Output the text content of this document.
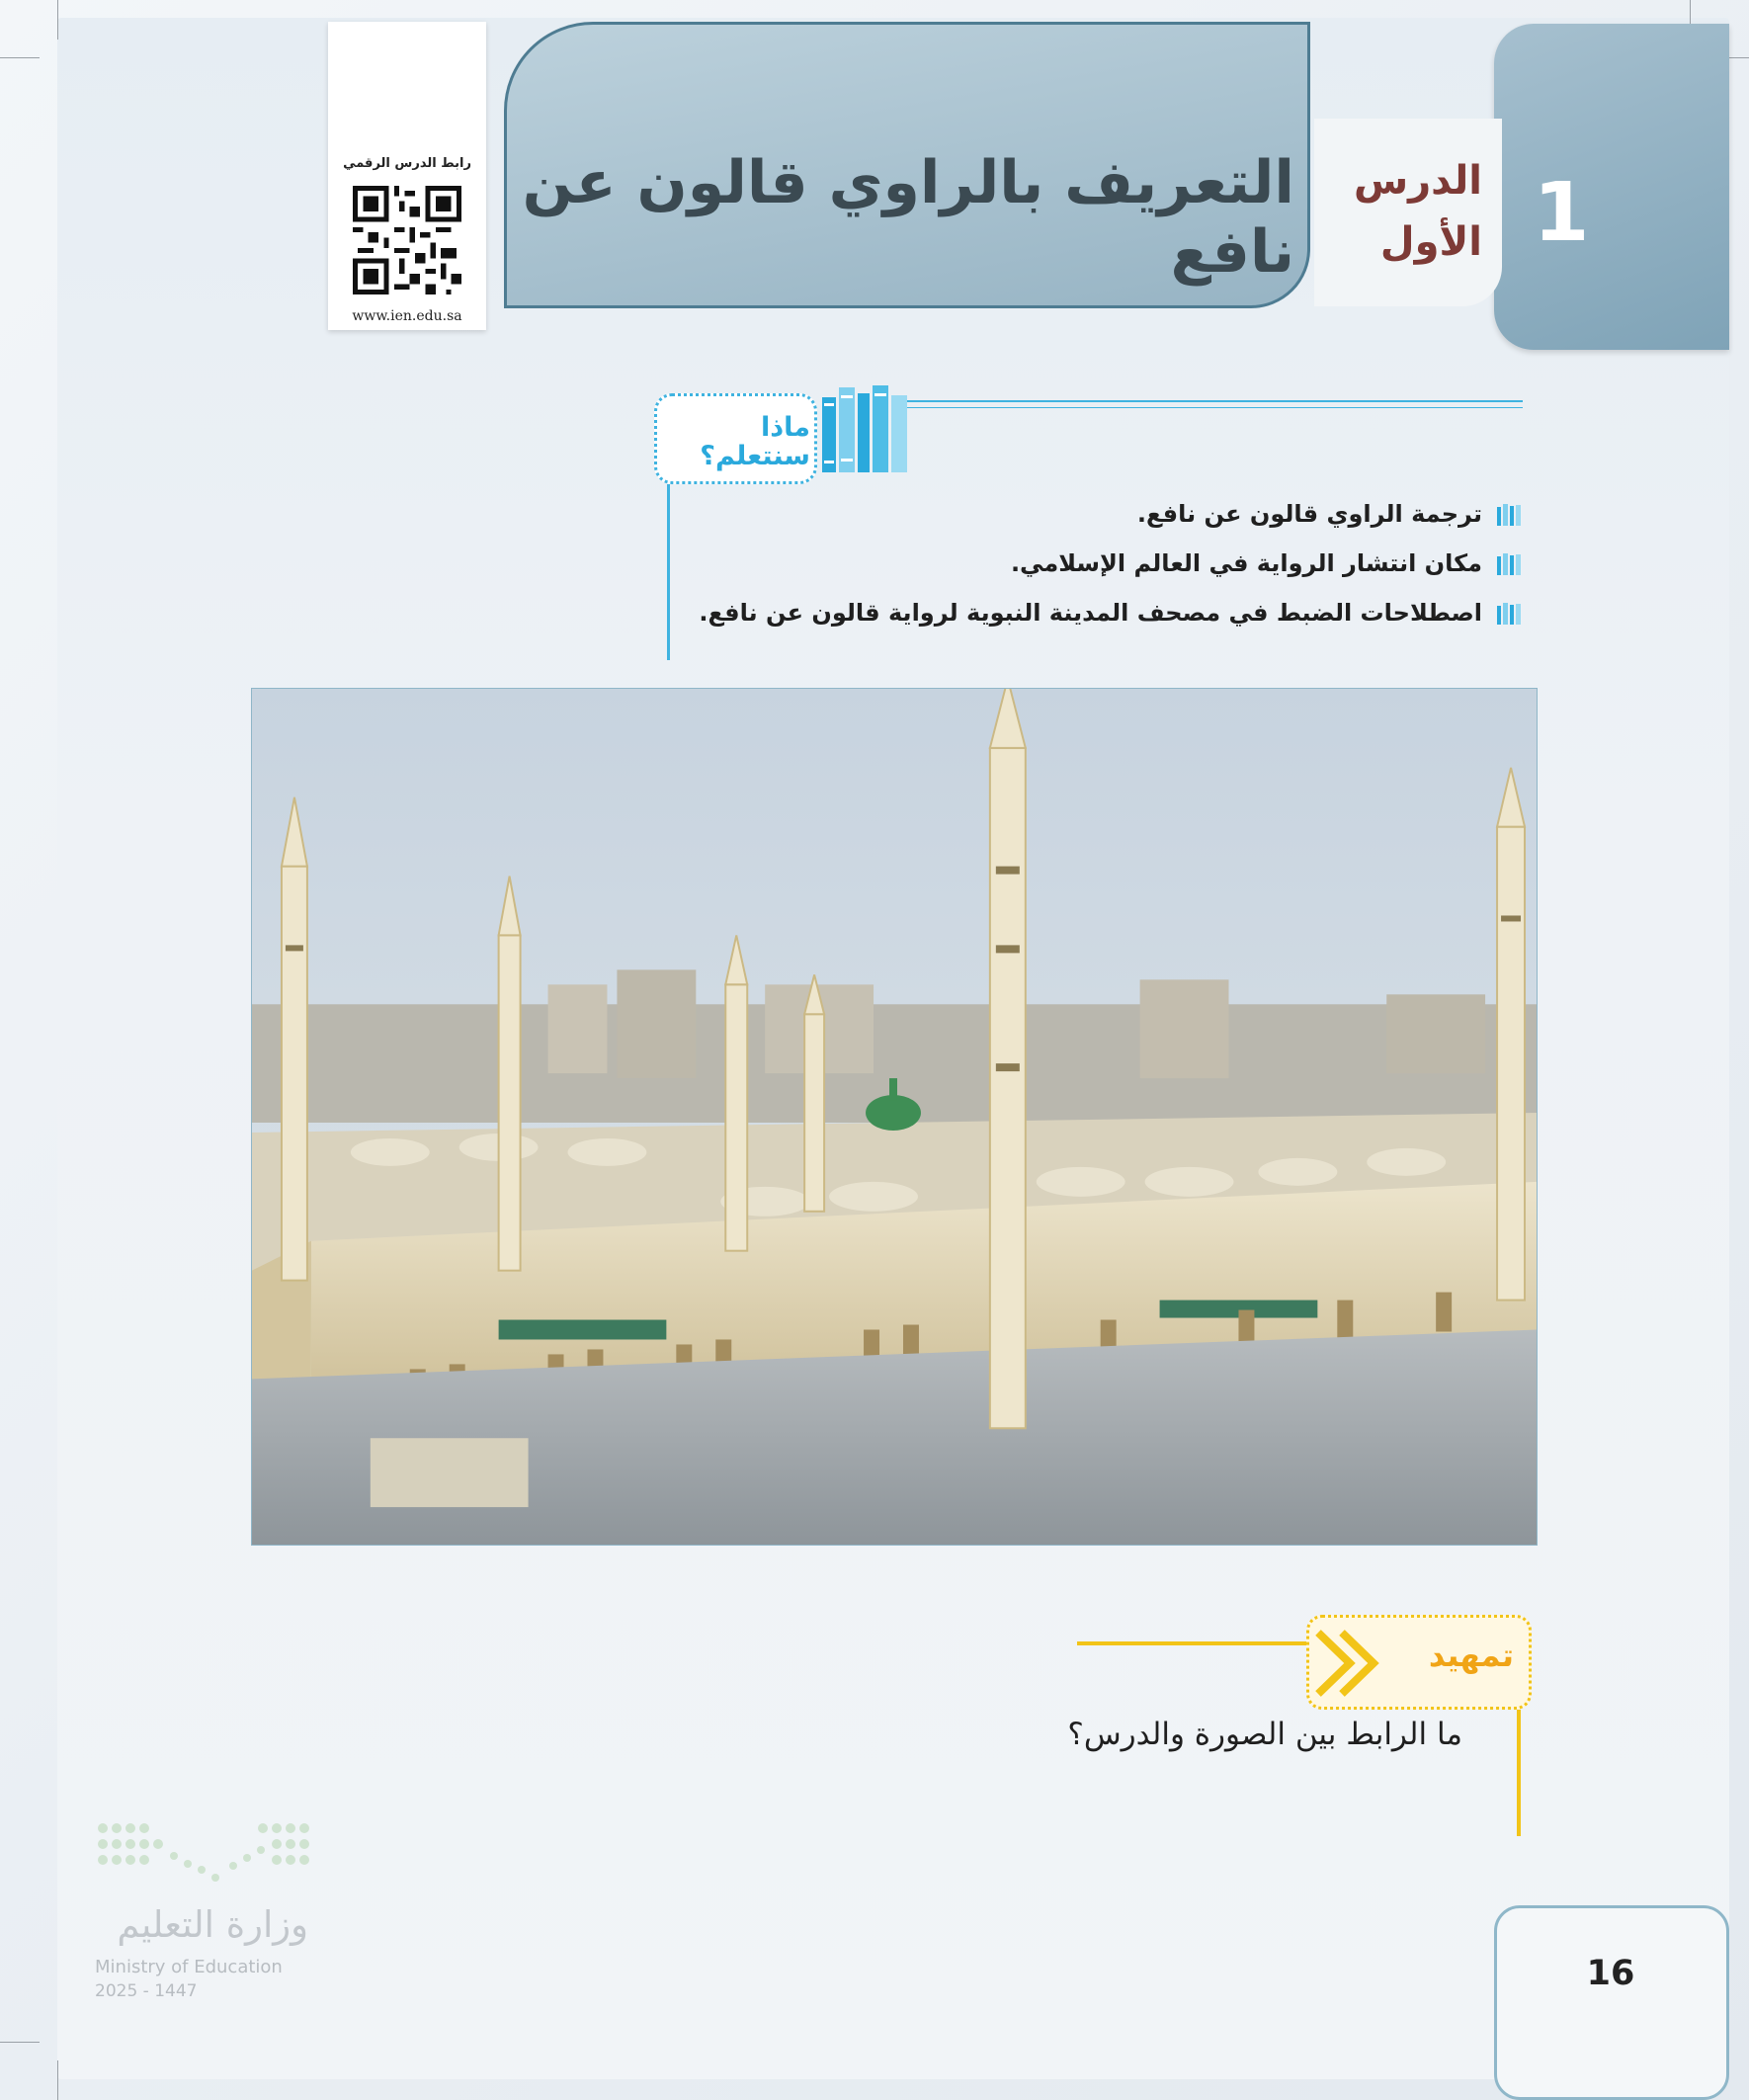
1
الدرس
الأول
التعريف بالراوي قالون عن نافع
رابط الدرس الرقمي
www.ien.edu.sa
ماذا
سنتعلم؟
ترجمة الراوي قالون عن نافع.
مكان انتشار الرواية في العالم الإسلامي.
اصطلاحات الضبط في مصحف المدينة النبوية لرواية قالون عن نافع.
تمهيد
ما الرابط بين الصورة والدرس؟
وزارة التعليم
Ministry of Education
2025 - 1447	16
